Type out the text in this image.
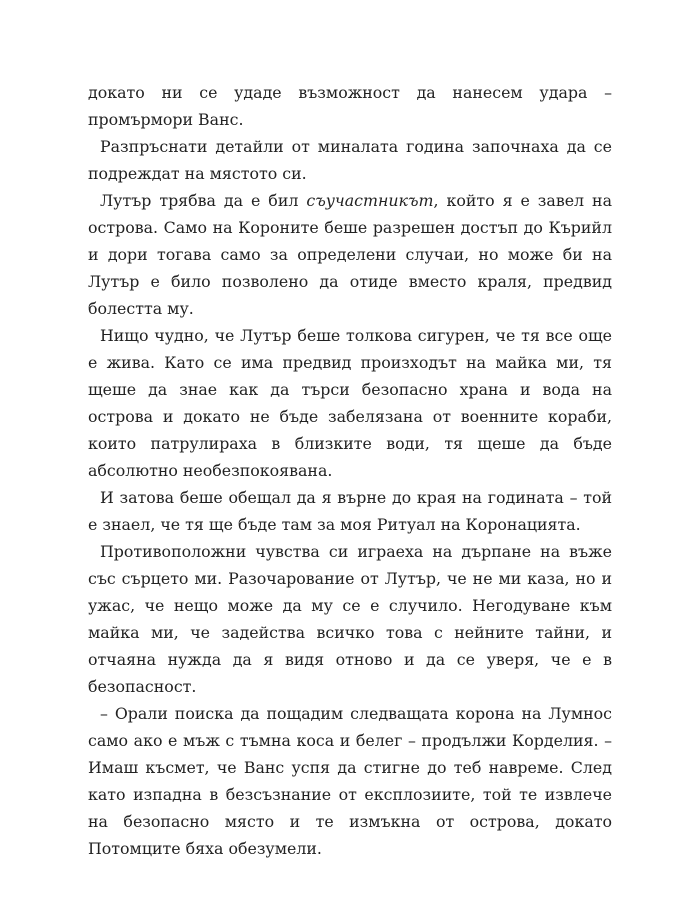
докато ни се удаде възможност да нанесем удара – промърмори Ванс.

Разпръснати детайли от миналата година започнаха да се подреждат на мястото си.

Лутър трябва да е бил съучастникът, който я е завел на острова. Само на Короните беше разрешен достъп до Кърийл и дори тогава само за определени случаи, но може би на Лутър е било позволено да отиде вместо краля, предвид болестта му.

Нищо чудно, че Лутър беше толкова сигурен, че тя все още е жива. Като се има предвид произходът на майка ми, тя щеше да знае как да търси безопасно храна и вода на острова и докато не бъде забелязана от военните кораби, които патрулираха в близките води, тя щеше да бъде абсолютно необезпокоявана.

И затова беше обещал да я върне до края на годината – той е знаел, че тя ще бъде там за моя Ритуал на Коронацията.

Противоположни чувства си играеха на дърпане на въже със сърцето ми. Разочарование от Лутър, че не ми каза, но и ужас, че нещо може да му се е случило. Негодуване към майка ми, че задейства всичко това с нейните тайни, и отчаяна нужда да я видя отново и да се уверя, че е в безопасност.

– Орали поиска да пощадим следващата корона на Лумнос само ако е мъж с тъмна коса и белег – продължи Корделия. – Имаш късмет, че Ванс успя да стигне до теб навреме. След като изпадна в безсъзнание от експлозиите, той те извлече на безопасно място и те измъкна от острова, докато Потомците бяха обезумели.
